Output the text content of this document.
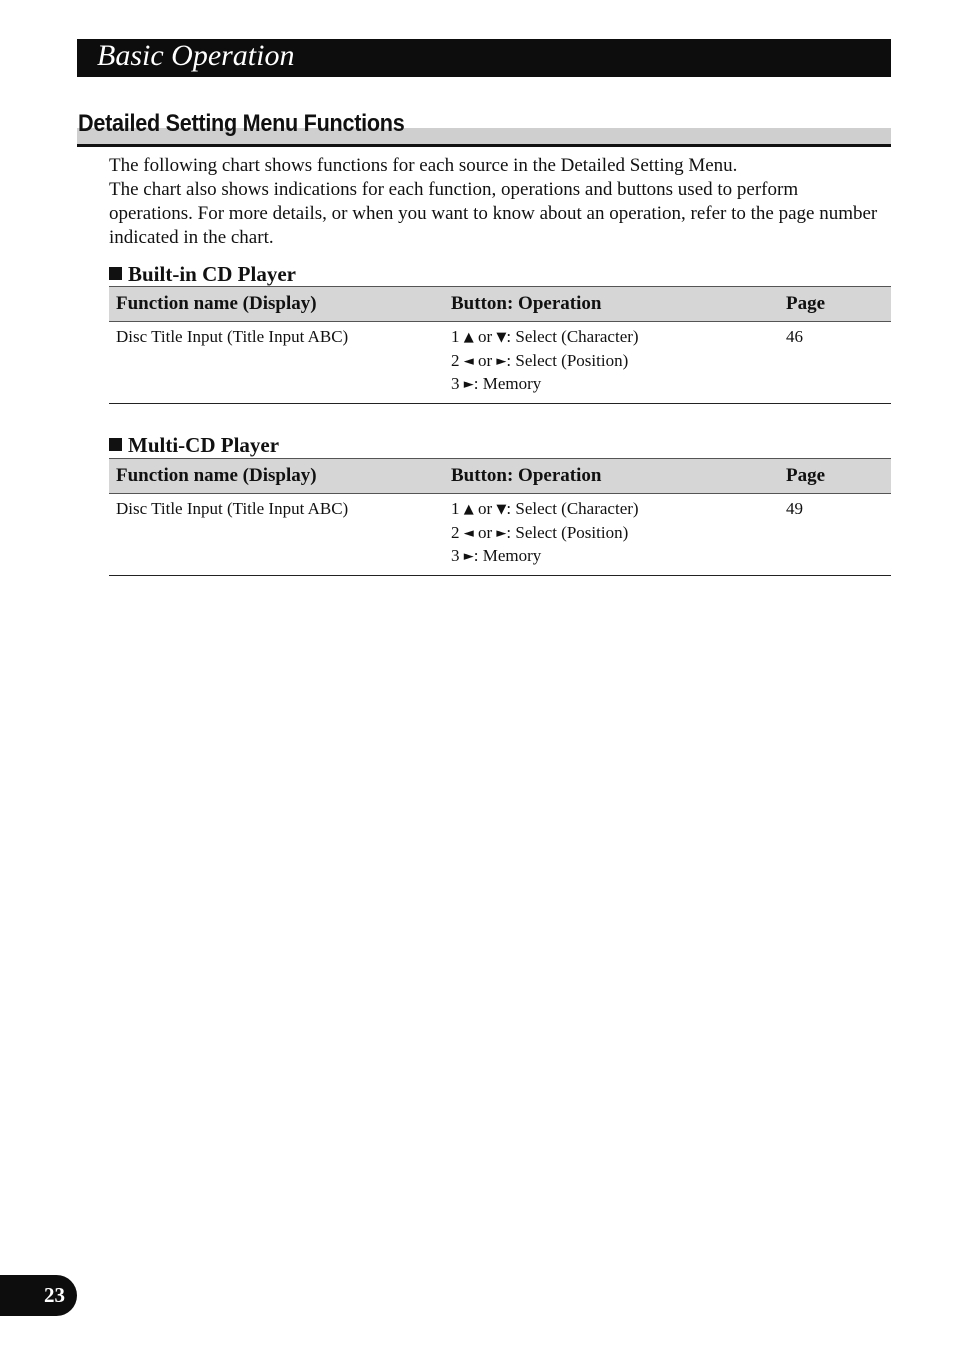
Basic Operation
Detailed Setting Menu Functions

The following chart shows functions for each source in the Detailed Setting Menu.

The chart also shows indications for each function, operations and buttons used to perform operations. For more details, or when you want to know about an operation, refer to the page number indicated in the chart.

Built-in CD Player
Function name (Display)	Button: Operation	Page
Disc Title Input (Title Input ABC)	1 ▲ or ▼: Select (Character)
2 ◄ or ►: Select (Position)
3 ►: Memory	46
Multi-CD Player
Function name (Display)	Button: Operation	Page
Disc Title Input (Title Input ABC)	1 ▲ or ▼: Select (Character)
2 ◄ or ►: Select (Position)
3 ►: Memory	49
23
